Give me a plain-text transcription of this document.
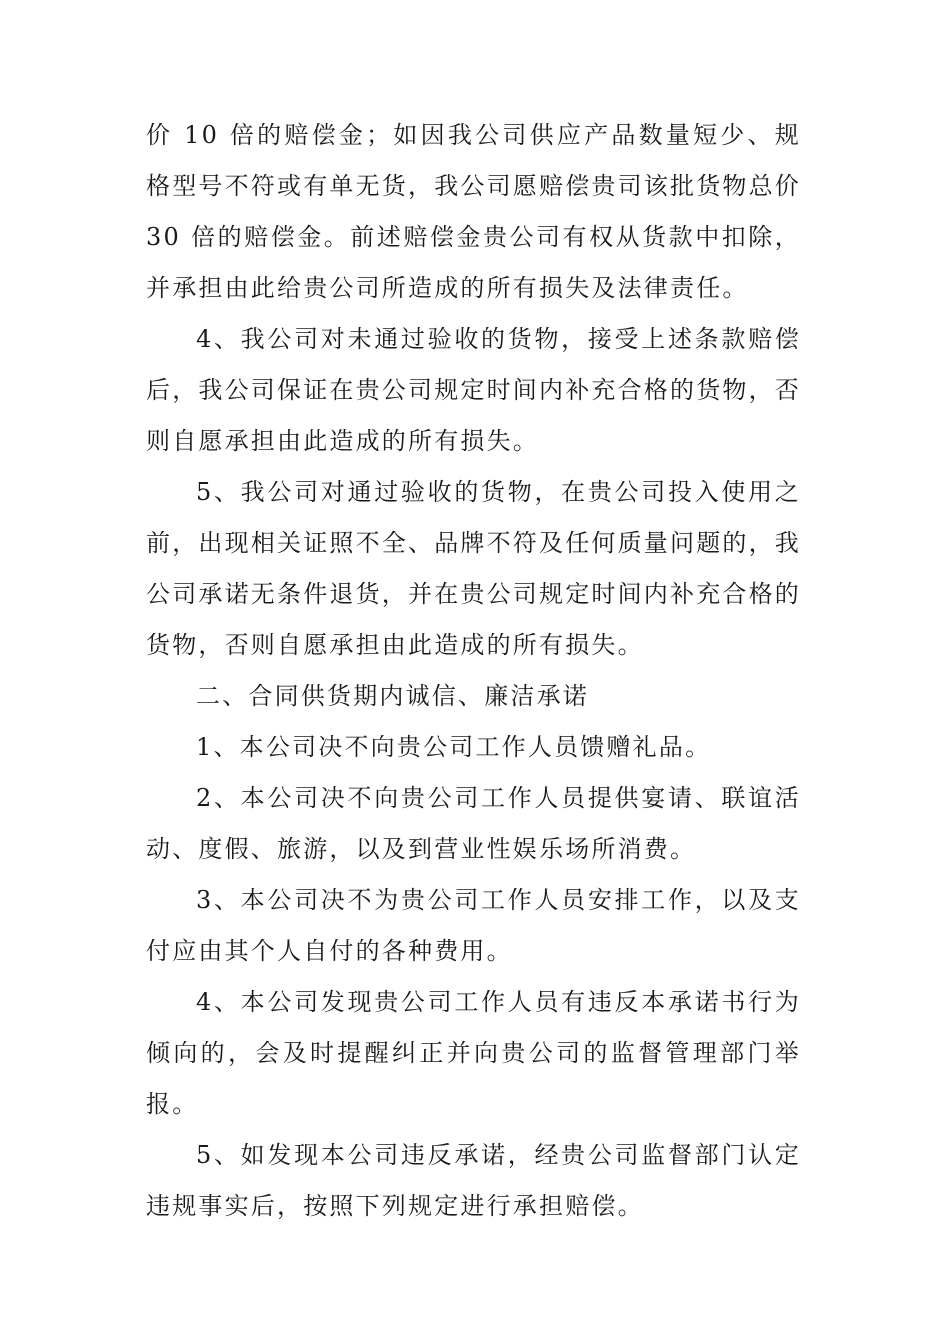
价 10 倍的赔偿金；如因我公司供应产品数量短少、规格型号不符或有单无货，我公司愿赔偿贵司该批货物总价 30 倍的赔偿金。前述赔偿金贵公司有权从货款中扣除，并承担由此给贵公司所造成的所有损失及法律责任。

4、我公司对未通过验收的货物，接受上述条款赔偿后，我公司保证在贵公司规定时间内补充合格的货物，否则自愿承担由此造成的所有损失。

5、我公司对通过验收的货物，在贵公司投入使用之前，出现相关证照不全、品牌不符及任何质量问题的，我公司承诺无条件退货，并在贵公司规定时间内补充合格的货物，否则自愿承担由此造成的所有损失。

二、合同供货期内诚信、廉洁承诺

1、本公司决不向贵公司工作人员馈赠礼品。

2、本公司决不向贵公司工作人员提供宴请、联谊活动、度假、旅游，以及到营业性娱乐场所消费。

3、本公司决不为贵公司工作人员安排工作，以及支付应由其个人自付的各种费用。

4、本公司发现贵公司工作人员有违反本承诺书行为倾向的，会及时提醒纠正并向贵公司的监督管理部门举报。

5、如发现本公司违反承诺，经贵公司监督部门认定违规事实后，按照下列规定进行承担赔偿。
